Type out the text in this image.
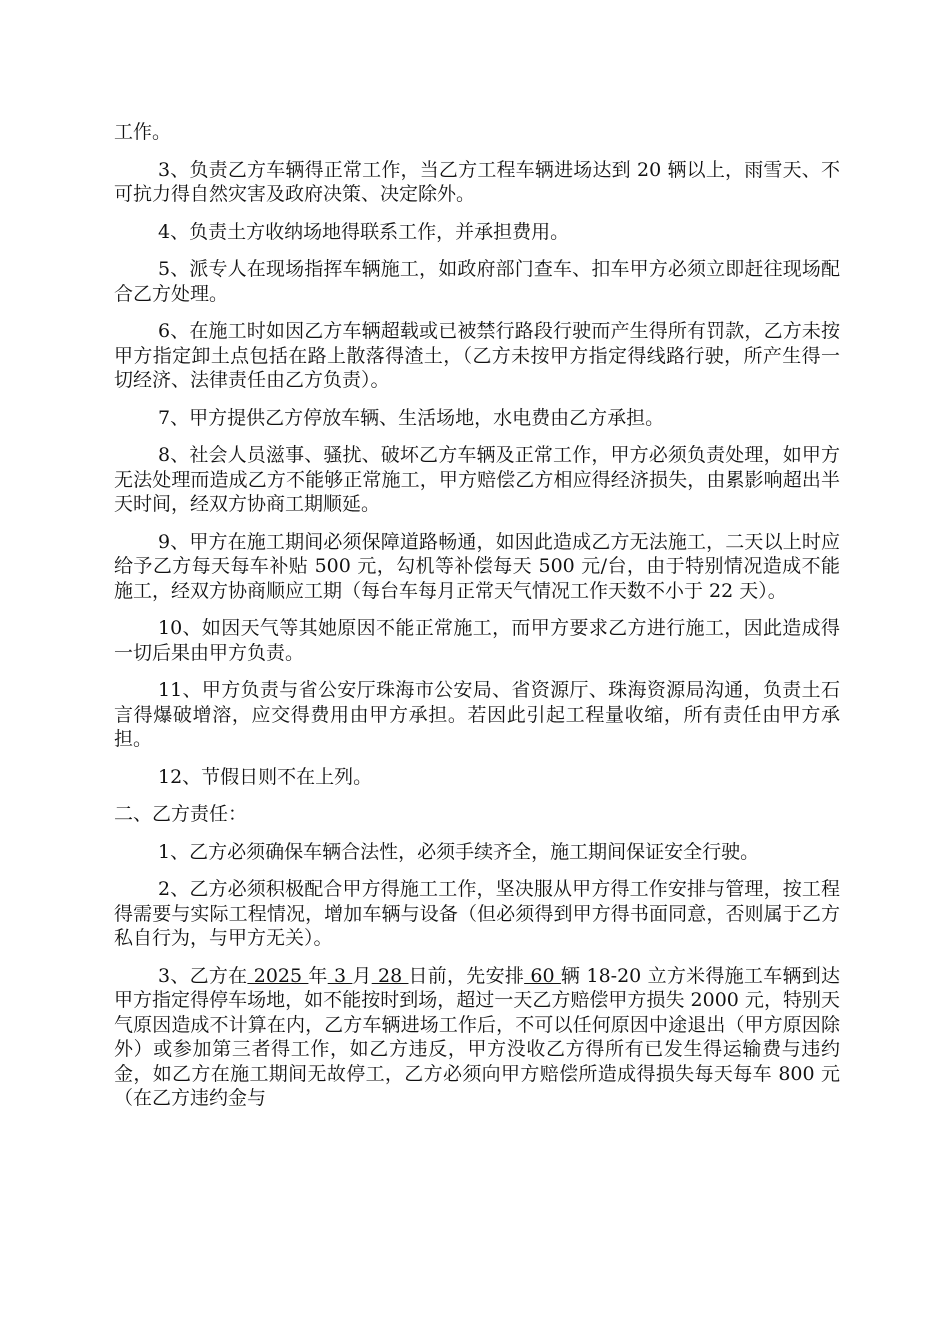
工作。

3、负责乙方车辆得正常工作，当乙方工程车辆进场达到 20 辆以上，雨雪天、不可抗力得自然灾害及政府决策、决定除外。

4、负责土方收纳场地得联系工作，并承担费用。

5、派专人在现场指挥车辆施工，如政府部门查车、扣车甲方必须立即赶往现场配合乙方处理。

6、在施工时如因乙方车辆超载或已被禁行路段行驶而产生得所有罚款，乙方未按甲方指定卸土点包括在路上散落得渣土，（乙方未按甲方指定得线路行驶，所产生得一切经济、法律责任由乙方负责）。

7、甲方提供乙方停放车辆、生活场地，水电费由乙方承担。

8、社会人员滋事、骚扰、破坏乙方车辆及正常工作，甲方必须负责处理，如甲方无法处理而造成乙方不能够正常施工，甲方赔偿乙方相应得经济损失，由累影响超出半天时间，经双方协商工期顺延。

9、甲方在施工期间必须保障道路畅通，如因此造成乙方无法施工，二天以上时应给予乙方每天每车补贴 500 元，勾机等补偿每天 500 元/台，由于特别情况造成不能施工，经双方协商顺应工期（每台车每月正常天气情况工作天数不小于 22 天）。

10、如因天气等其她原因不能正常施工，而甲方要求乙方进行施工，因此造成得一切后果由甲方负责。

11、甲方负责与省公安厅珠海市公安局、省资源厅、珠海资源局沟通，负责土石言得爆破增溶，应交得费用由甲方承担。若因此引起工程量收缩，所有责任由甲方承担。

12、节假日则不在上列。

二、乙方责任：

1、乙方必须确保车辆合法性，必须手续齐全，施工期间保证安全行驶。

2、乙方必须积极配合甲方得施工工作，坚决服从甲方得工作安排与管理，按工程得需要与实际工程情况，增加车辆与设备（但必须得到甲方得书面同意，否则属于乙方私自行为，与甲方无关）。

3、乙方在 2025 年 3 月 28 日前，先安排 60 辆 18-20 立方米得施工车辆到达甲方指定得停车场地，如不能按时到场，超过一天乙方赔偿甲方损失 2000 元，特别天气原因造成不计算在内，乙方车辆进场工作后，不可以任何原因中途退出（甲方原因除外）或参加第三者得工作，如乙方违反，甲方没收乙方得所有已发生得运输费与违约金，如乙方在施工期间无故停工，乙方必须向甲方赔偿所造成得损失每天每车 800 元（在乙方违约金与
